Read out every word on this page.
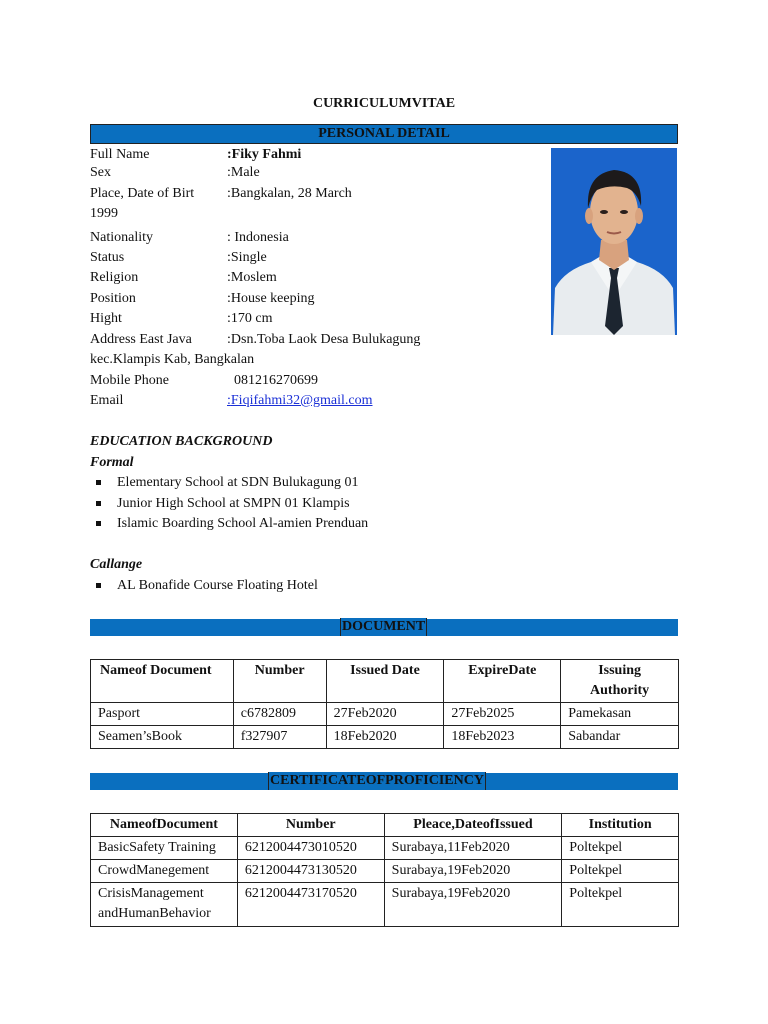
CURRICULUMVITAE
PERSONAL DETAIL
Full Name	:Fiky Fahmi
Sex	:Male
Place, Date of Birt :Bangkalan, 28 March
1999
Nationality	: Indonesia
Status	:Single
Religion	:Moslem
Position	:House keeping
Hight	:170 cm
Address East Java	:Dsn.Toba Laok Desa Bulukagung
kec.Klampis Kab, Bangkalan
Mobile Phone	081216270699
Email	:Fiqifahmi32@gmail.com
EDUCATION BACKGROUND
Formal
Elementary School at SDN Bulukagung 01
Junior High School at SMPN 01 Klampis
Islamic Boarding School Al-amien Prenduan
Callange
AL Bonafide Course Floating Hotel
DOCUMENT
Nameof Document	Number	Issued Date	ExpireDate	Issuing Authority
Pasport	c6782809	27Feb2020	27Feb2025	Pamekasan
Seamen’sBook	f327907	18Feb2020	18Feb2023	Sabandar
CERTIFICATEOFPROFICIENCY
NameofDocument	Number	Pleace,DateofIssued	Institution
BasicSafety Training	6212004473010520	Surabaya,11Feb2020	Poltekpel
CrowdManegement	6212004473130520	Surabaya,19Feb2020	Poltekpel
CrisisManagement andHumanBehavior	6212004473170520	Surabaya,19Feb2020	Poltekpel
